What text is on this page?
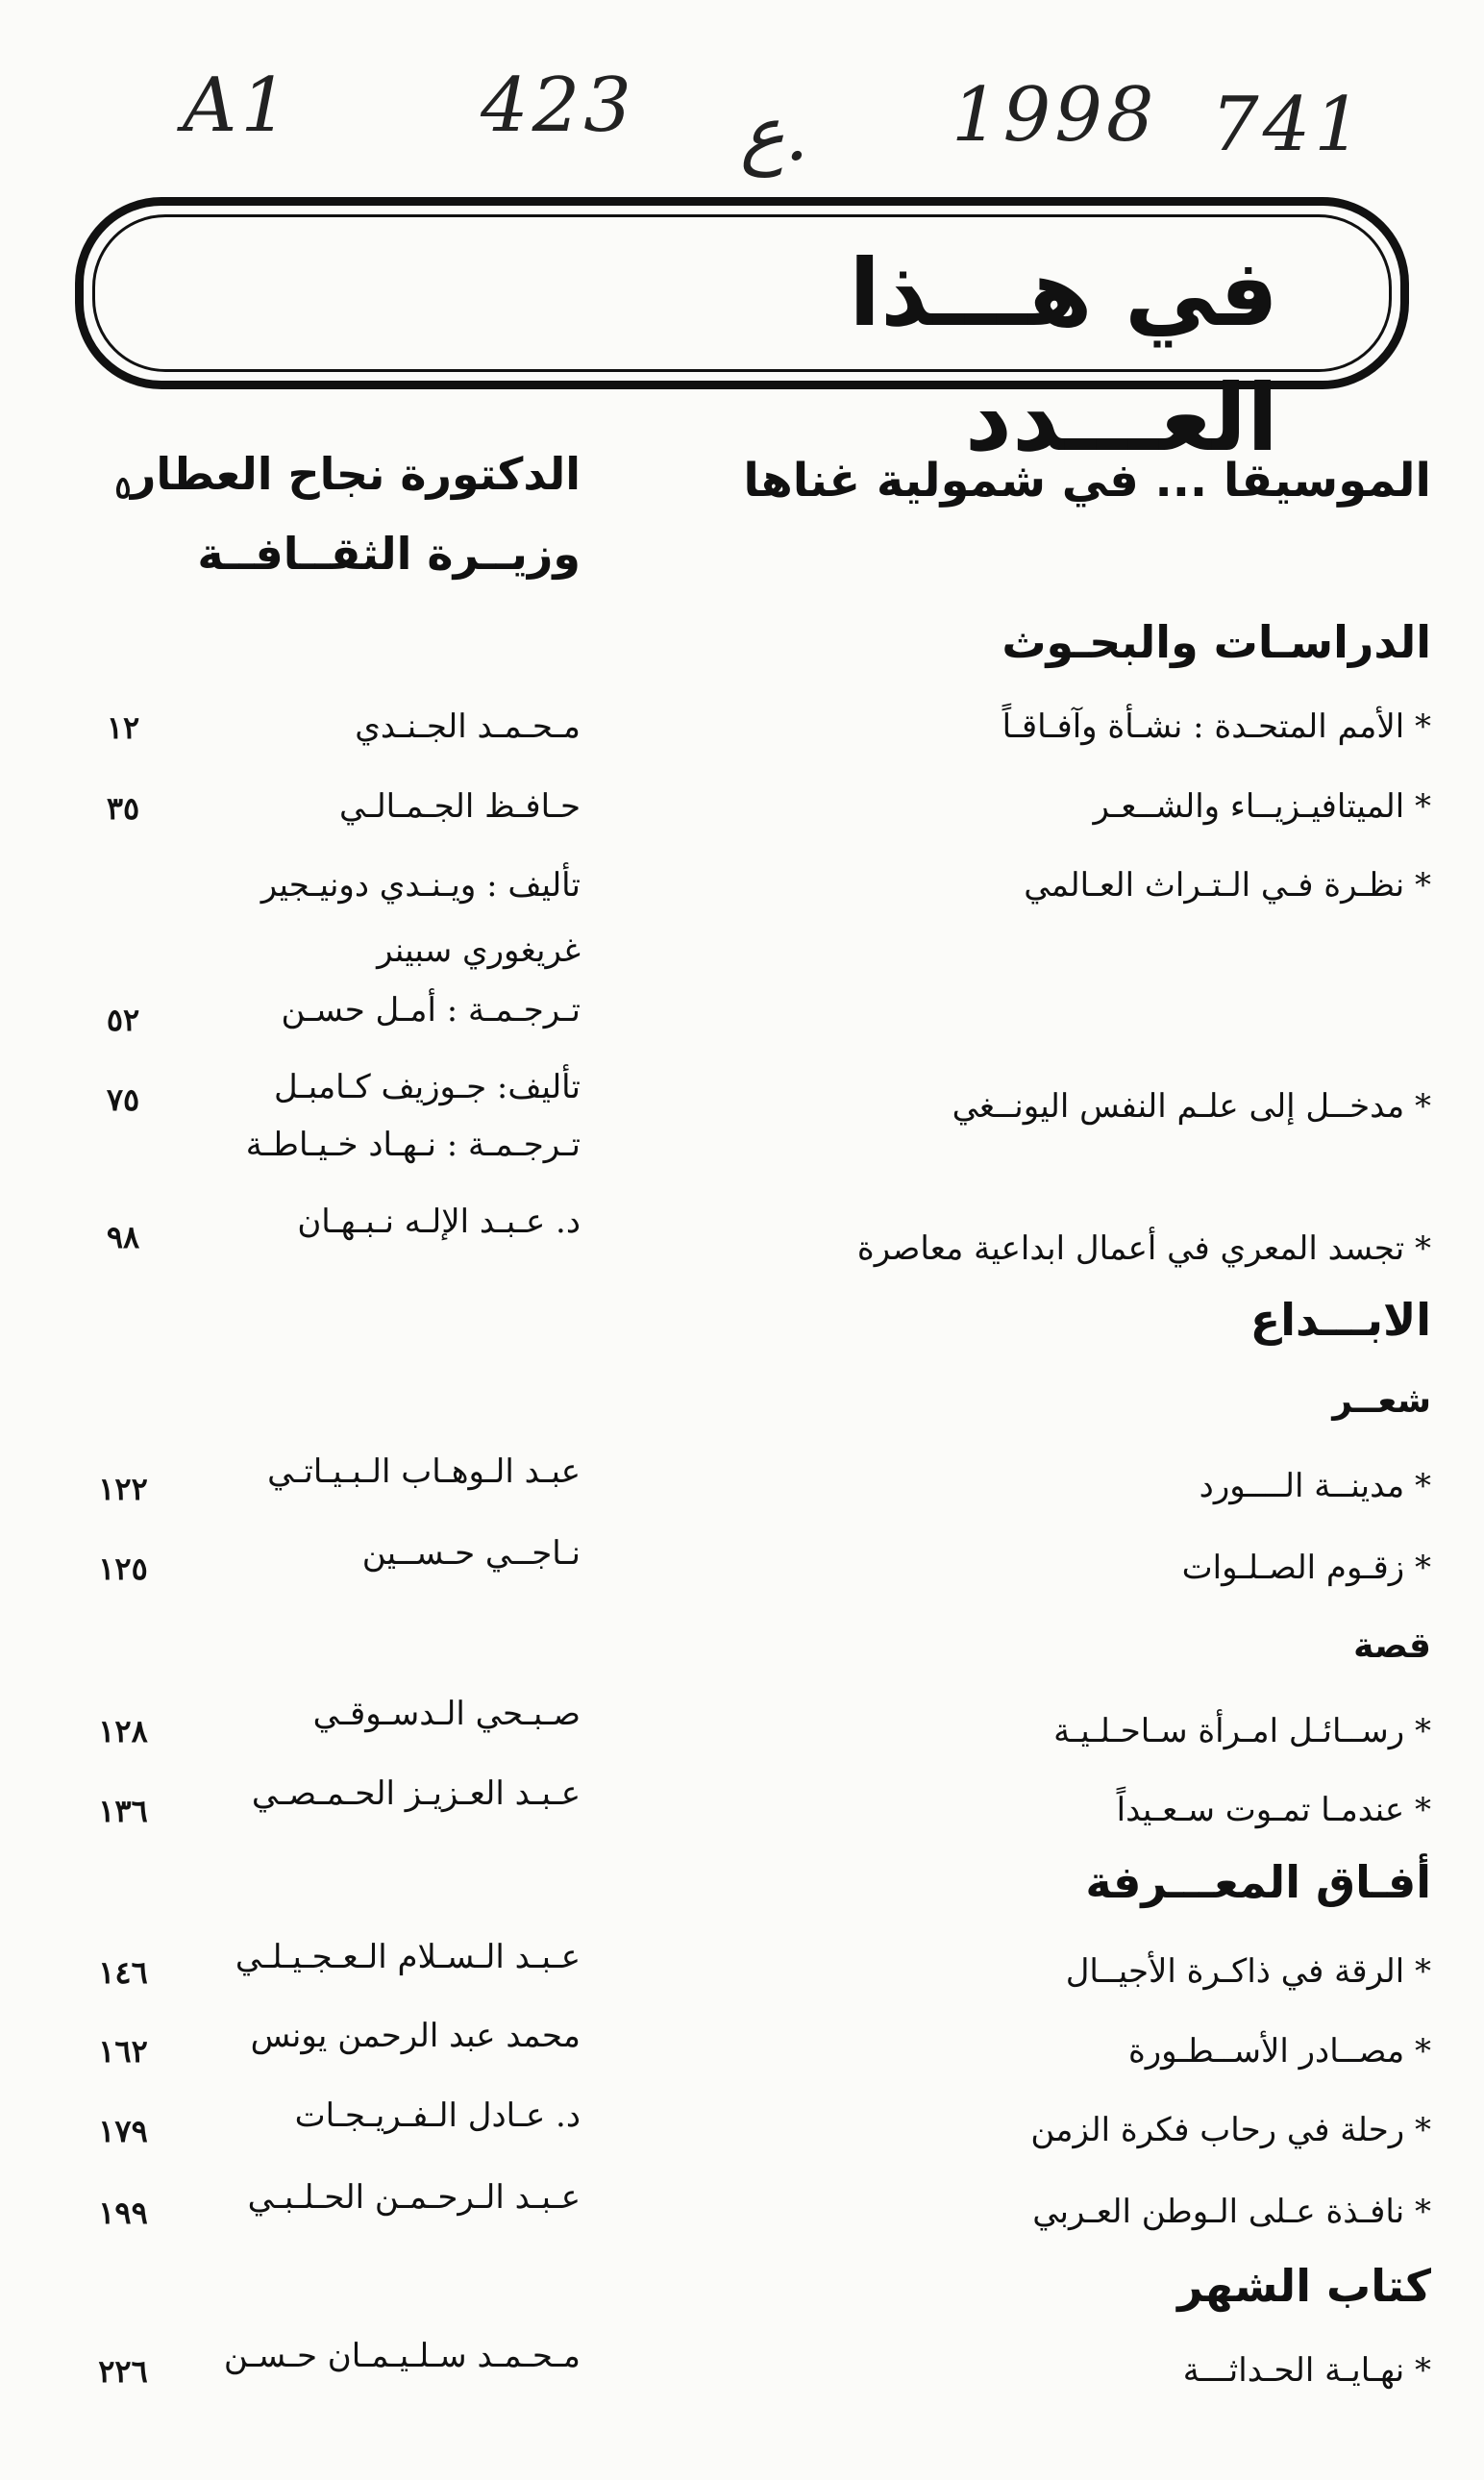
A1	423 ع. 1998 741
في هـــذا العـــدد
الموسيقا ... في شمولية غناها
الدكتورة نجاح العطار
وزيــرة الثقــافــة
٥
الدراسـات والبحـوث
* الأمم المتحـدة : نشـأة وآفـاقـاً
مـحـمـد الجـنـدي
١٢
* الميتافيـزيــاء والشــعـر
حـافـظ الجـمـالـي
٣٥
* نظـرة فـي الـتـراث العـالمي
تأليف : ويـنـدي دونيـجير
غريغوري سبينر
تـرجـمـة : أمـل حسـن
٥٢
* مدخــل إلى علـم النفس اليونــغي
تأليف: جـوزيف كـامبـل
تـرجـمـة : نـهـاد خـيـاطـة
٧٥
* تجسد المعري في أعمال ابداعية معاصرة
د. عـبـد الإلـه نـبـهـان
٩٨
الابـــداع
شعــر
* مدينــة الــــورد
عبـد الـوهـاب الـبـيـاتـي
١٢٢
* زقـوم الصـلـوات
نـاجــي حـســين
١٢٥
قصة
* رســائـل امـرأة سـاحـلـيـة
صـبـحي الـدسـوقـي
١٢٨
* عندمـا تمـوت سـعـيداً
عـبـد العـزيـز الحـمـصـي
١٣٦
أفـاق المعـــرفة
* الرقة في ذاكـرة الأجيــال
عـبـد الـسـلام الـعـجـيـلـي
١٤٦
* مصــادر الأســطـورة
محمد عبد الرحمن يونس
١٦٢
* رحلة في رحاب فكرة الزمن
د. عـادل الـفـريـجـات
١٧٩
* نافـذة عـلى الـوطن العـربي
عـبـد الـرحـمـن الحـلـبـي
١٩٩
كتاب الشهر
* نهـايـة الحـداثـــة
مـحـمـد سـلـيـمـان حـسـن
٢٢٦
